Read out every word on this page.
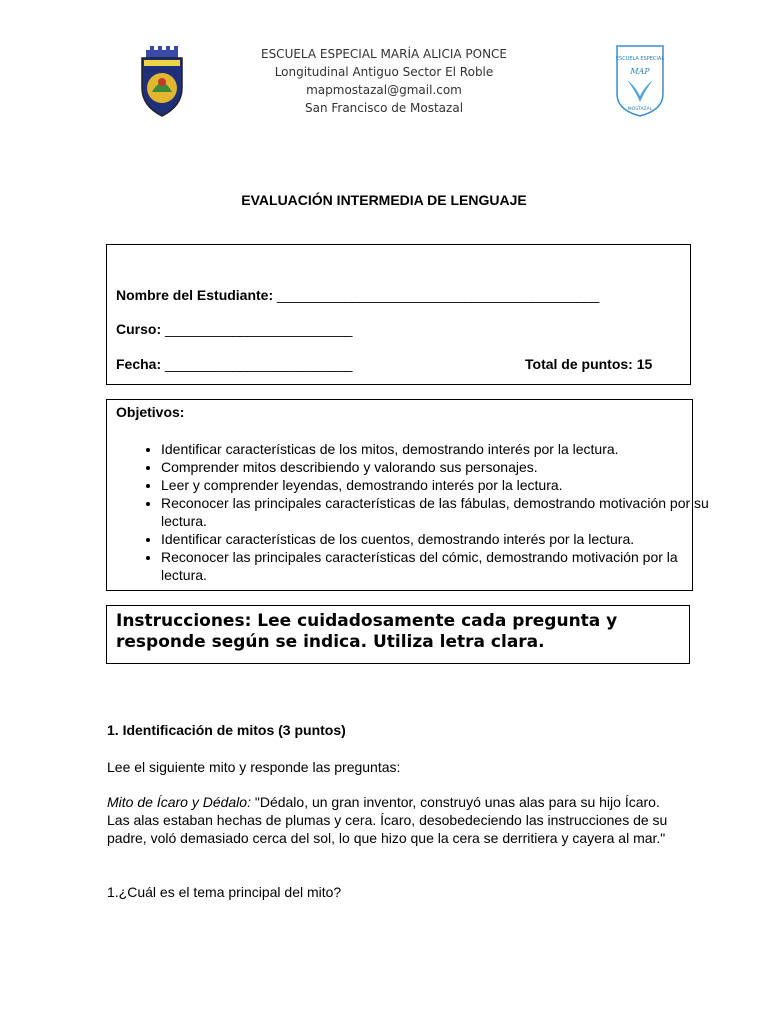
ESCUELA ESPECIAL
MAP
MOSTAZAL
ESCUELA ESPECIAL MARÍA ALICIA PONCE
Longitudinal Antiguo Sector El Roble
mapmostazal@gmail.com
San Francisco de Mostazal
EVALUACIÓN INTERMEDIA DE LENGUAJE
Nombre del Estudiante: ___________________________________________
Curso: _________________________
Fecha: _________________________	Total de puntos: 15
Objetivos:
• Identificar características de los mitos, demostrando interés por la lectura.
• Comprender mitos describiendo y valorando sus personajes.
• Leer y comprender leyendas, demostrando interés por la lectura.
• Reconocer las principales características de las fábulas, demostrando motivación por su lectura.
• Identificar características de los cuentos, demostrando interés por la lectura.
• Reconocer las principales características del cómic, demostrando motivación por la lectura.
Instrucciones: Lee cuidadosamente cada pregunta y responde según se indica. Utiliza letra clara.
1. Identificación de mitos (3 puntos)
Lee el siguiente mito y responde las preguntas:
Mito de Ícaro y Dédalo: "Dédalo, un gran inventor, construyó unas alas para su hijo Ícaro. Las alas estaban hechas de plumas y cera. Ícaro, desobedeciendo las instrucciones de su padre, voló demasiado cerca del sol, lo que hizo que la cera se derritiera y cayera al mar."
1.¿Cuál es el tema principal del mito?
